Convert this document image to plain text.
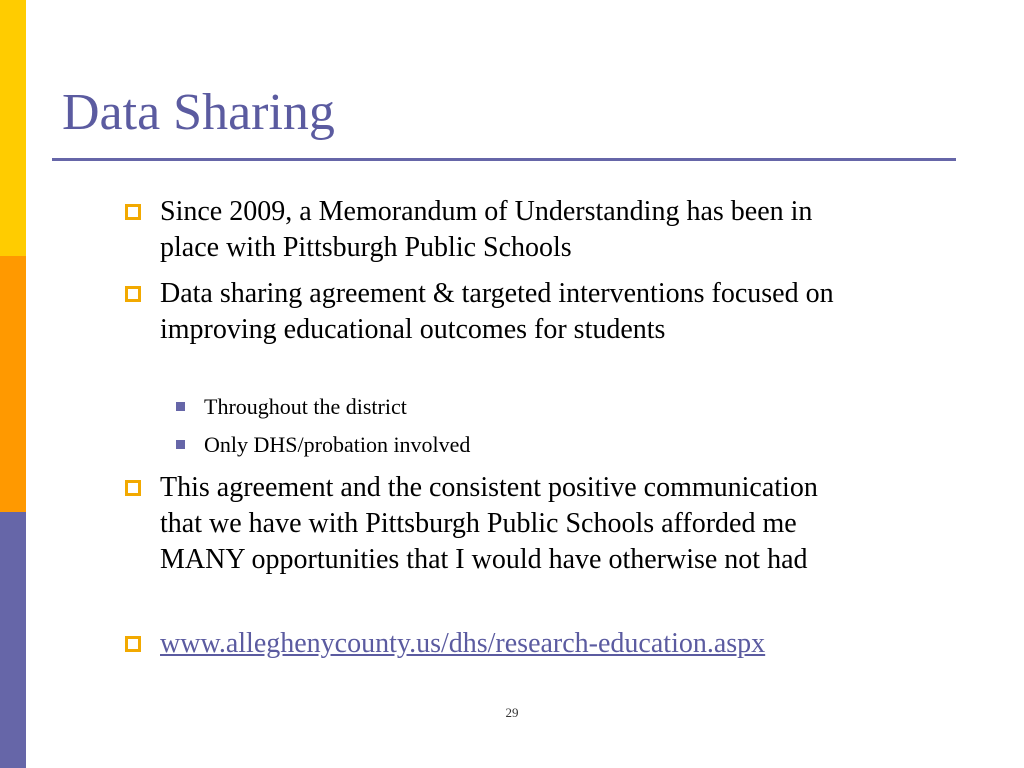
Data Sharing
Since 2009, a Memorandum of Understanding has been in place with Pittsburgh Public Schools
Data sharing agreement & targeted interventions focused on improving educational outcomes for students
Throughout the district
Only DHS/probation involved
This agreement and the consistent positive communication that we have with Pittsburgh Public Schools afforded me MANY opportunities that I would have otherwise not had
www.alleghenycounty.us/dhs/research-education.aspx
29
